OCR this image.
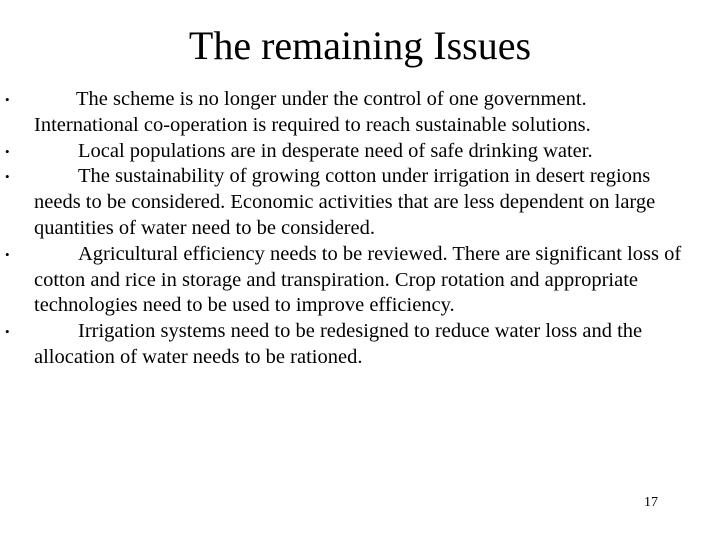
The remaining Issues
•	The scheme is no longer under the control of one government. International co-operation is required to reach sustainable solutions.
•	Local populations are in desperate need of safe drinking water.
•	The sustainability of growing cotton under irrigation in desert regions needs to be considered. Economic activities that are less dependent on large quantities of water need to be considered.
•	Agricultural efficiency needs to be reviewed. There are significant loss of cotton and rice in storage and transpiration. Crop rotation and appropriate technologies need to be used to improve efficiency.
•	Irrigation systems need to be redesigned to reduce water loss and the allocation of water needs to be rationed.
17
